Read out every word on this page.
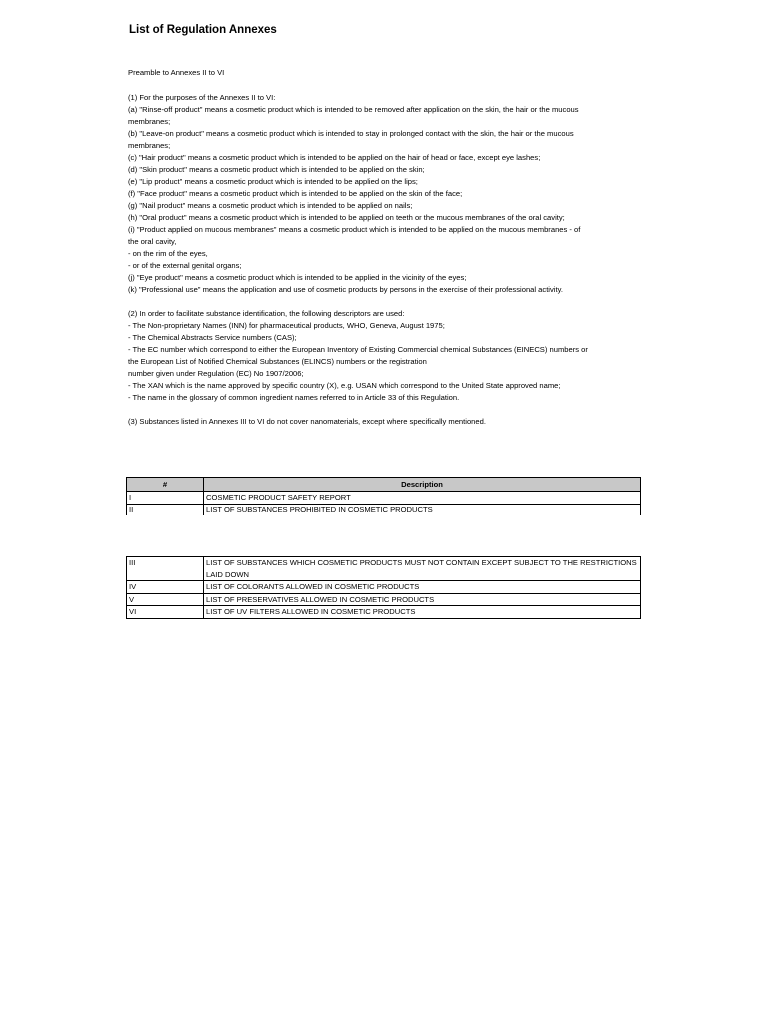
List of Regulation Annexes
Preamble to Annexes II to VI
(1) For the purposes of the Annexes II to VI:
(a) "Rinse-off product" means a cosmetic product which is intended to be removed after application on the skin, the hair or the mucous
membranes;
(b) "Leave-on product" means a cosmetic product which is intended to stay in prolonged contact with the skin, the hair or the mucous
membranes;
(c) "Hair product" means a cosmetic product which is intended to be applied on the hair of head or face, except eye lashes;
(d) "Skin product" means a cosmetic product which is intended to be applied on the skin;
(e) "Lip product" means a cosmetic product which is intended to be applied on the lips;
(f) "Face product" means a cosmetic product which is intended to be applied on the skin of the face;
(g) "Nail product" means a cosmetic product which is intended to be applied on nails;
(h) "Oral product" means a cosmetic product which is intended to be applied on teeth or the mucous membranes of the oral cavity;
(i) "Product applied on mucous membranes" means a cosmetic product which is intended to be applied on the mucous membranes - of
the oral cavity,
- on the rim of the eyes,
- or of the external genital organs;
(j) "Eye product" means a cosmetic product which is intended to be applied in the vicinity of the eyes;
(k) "Professional use" means the application and use of cosmetic products by persons in the exercise of their professional activity.
(2) In order to facilitate substance identification, the following descriptors are used:
- The Non-proprietary Names (INN) for pharmaceutical products, WHO, Geneva, August 1975;
- The Chemical Abstracts Service numbers (CAS);
- The EC number which correspond to either the European Inventory of Existing Commercial chemical Substances (EINECS) numbers or
the European List of Notified Chemical Substances (ELINCS) numbers or the registration
number given under Regulation (EC) No 1907/2006;
- The XAN which is the name approved by specific country (X), e.g. USAN which correspond to the United State approved name;
- The name in the glossary of common ingredient names referred to in Article 33 of this Regulation.
(3) Substances listed in Annexes III to VI do not cover nanomaterials, except where specifically mentioned.
#	Description
I	COSMETIC PRODUCT SAFETY REPORT
II	LIST OF SUBSTANCES PROHIBITED IN COSMETIC PRODUCTS
III	LIST OF SUBSTANCES WHICH COSMETIC PRODUCTS MUST NOT CONTAIN EXCEPT SUBJECT TO THE RESTRICTIONS LAID DOWN
IV	LIST OF COLORANTS ALLOWED IN COSMETIC PRODUCTS
V	LIST OF PRESERVATIVES ALLOWED IN COSMETIC PRODUCTS
VI	LIST OF UV FILTERS ALLOWED IN COSMETIC PRODUCTS
